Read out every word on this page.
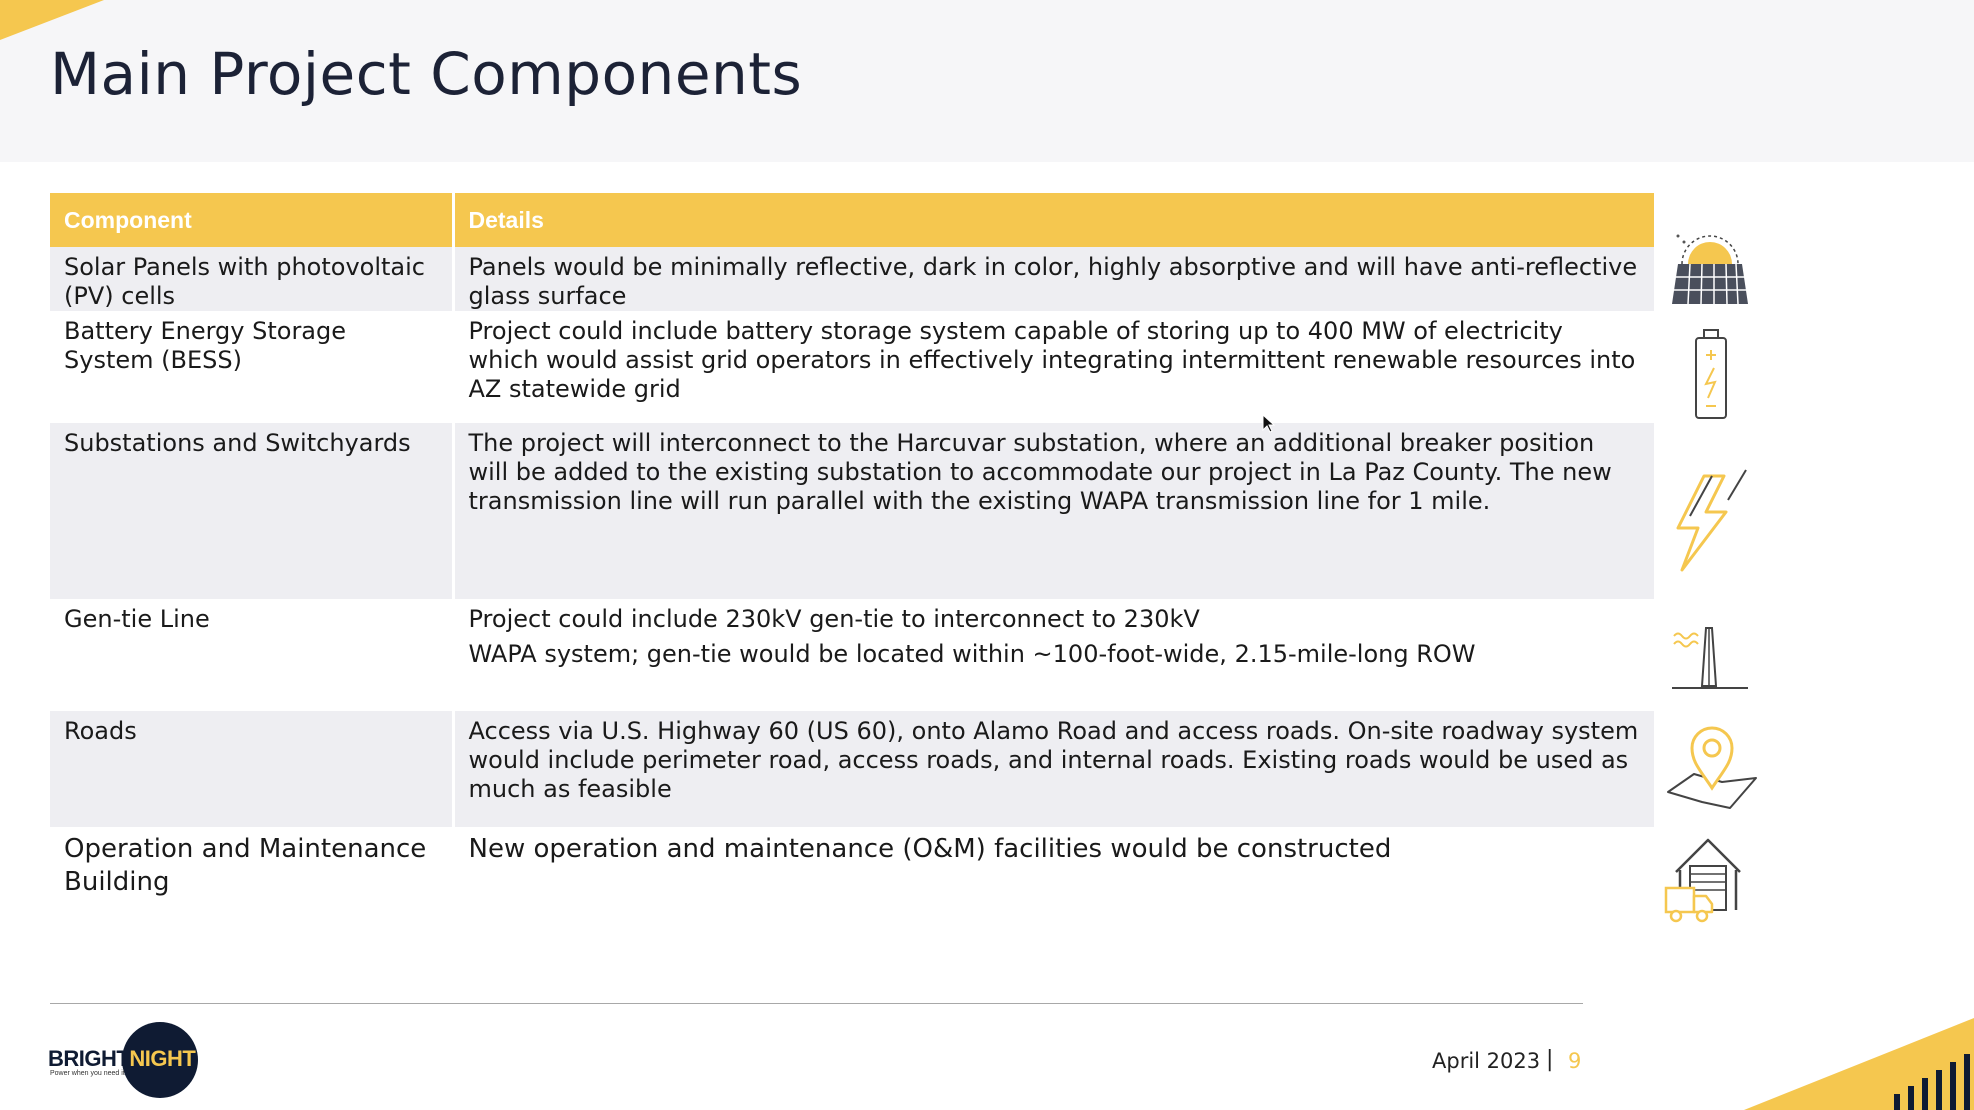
Main Project Components
Component	Details
Solar Panels with photovoltaic (PV) cells	Panels would be minimally reflective, dark in color, highly absorptive and will have anti-reflective glass surface
Battery Energy Storage System (BESS)	Project could include battery storage system capable of storing up to 400 MW of electricity which would assist grid operators in effectively integrating intermittent renewable resources into AZ statewide grid
Substations and Switchyards	The project will interconnect to the Harcuvar substation, where an additional breaker position will be added to the existing substation to accommodate our project in La Paz County. The new transmission line will run parallel with the existing WAPA transmission line for 1 mile.
Gen-tie Line	Project could include 230kV gen-tie to interconnect to 230kV
WAPA system; gen-tie would be located within ~100-foot-wide, 2.15-mile-long ROW

Roads	Access via U.S. Highway 60 (US 60), onto Alamo Road and access roads. On-site roadway system would include perimeter road, access roads, and internal roads. Existing roads would be used as much as feasible
Operation and Maintenance Building	New operation and maintenance (O&M) facilities would be constructed
BRIGHTNIGHT
Power when you need it
April 2023 | 9
